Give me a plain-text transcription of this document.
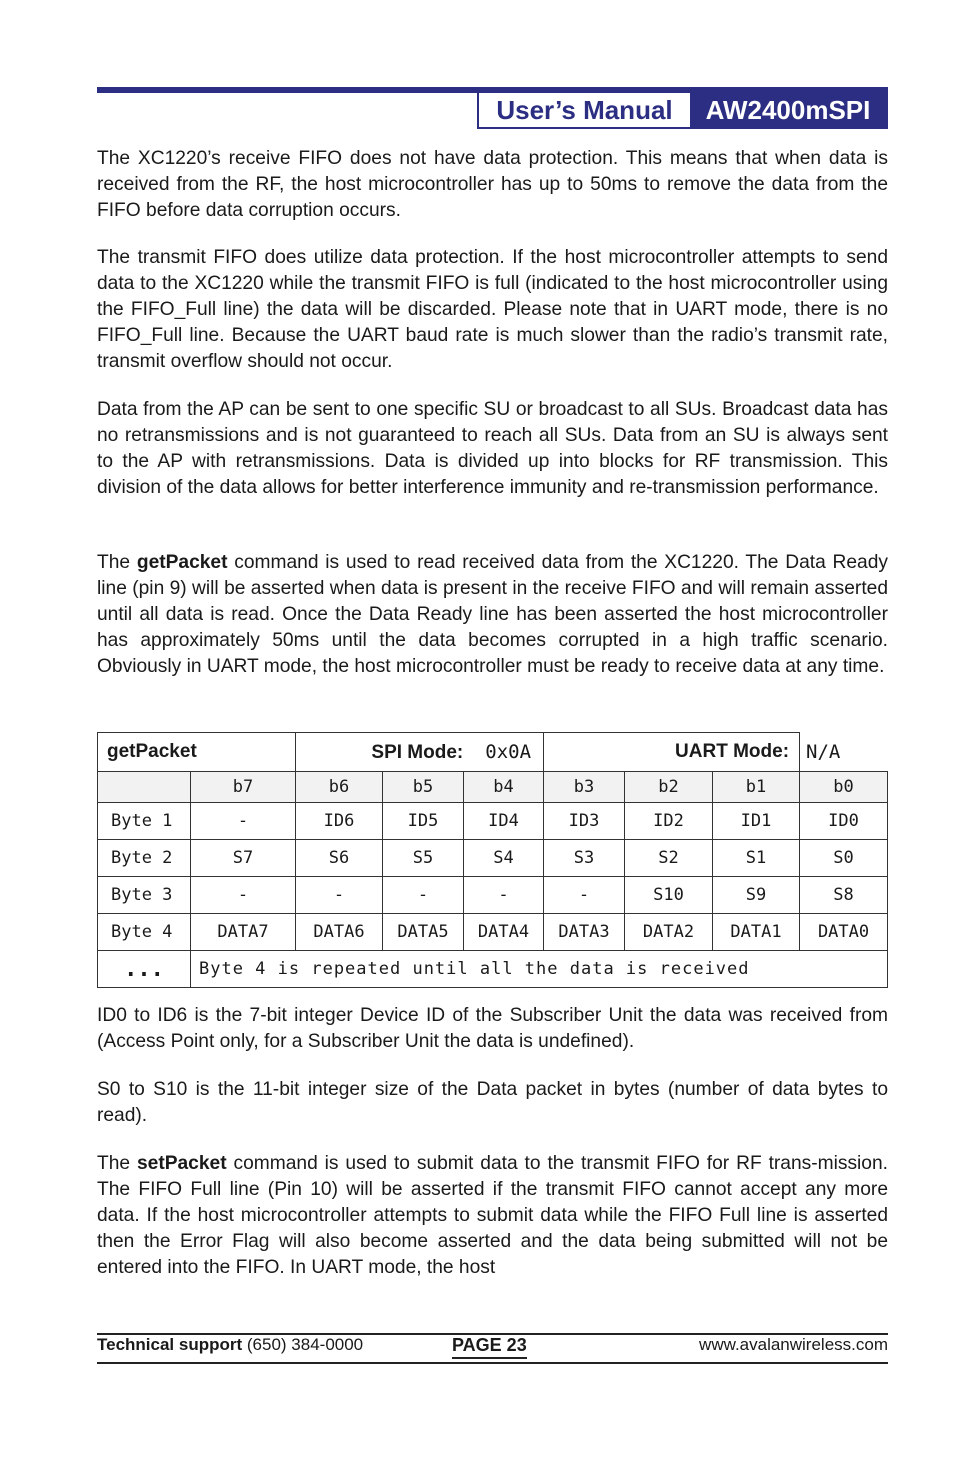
User’s Manual	AW2400mSPI

The XC1220’s receive FIFO does not have data protection. This means that when data is received from the RF, the host microcontroller has up to 50ms to remove the data from the FIFO before data corruption occurs.

The transmit FIFO does utilize data protection. If the host microcontroller attempts to send data to the XC1220 while the transmit FIFO is full (indicated to the host microcontroller using the FIFO_Full line) the data will be discarded. Please note that in UART mode, there is no FIFO_Full line. Because the UART baud rate is much slower than the radio’s transmit rate, transmit overflow should not occur.

Data from the AP can be sent to one specific SU or broadcast to all SUs. Broadcast data has no retransmissions and is not guaranteed to reach all SUs. Data from an SU is always sent to the AP with retransmissions. Data is divided up into blocks for RF transmission. This division of the data allows for better interference immunity and re-transmission performance.

The getPacket command is used to read received data from the XC1220. The Data Ready line (pin 9) will be asserted when data is present in the receive FIFO and will remain asserted until all data is read. Once the Data Ready line has been asserted the host microcontroller has approximately 50ms until the data becomes corrupted in a high traffic scenario. Obviously in UART mode, the host microcontroller must be ready to receive data at any time.

getPacket		SPI Mode: 0x0A			UART Mode:			N/A
	b7	b6	b5	b4	b3	b2	b1	b0
Byte 1	-	ID6	ID5	ID4	ID3	ID2	ID1	ID0
Byte 2	S7	S6	S5	S4	S3	S2	S1	S0
Byte 3	-	-	-	-	-	S10	S9	S8
Byte 4	DATA7	DATA6	DATA5	DATA4	DATA3	DATA2	DATA1	DATA0
...	Byte 4 is repeated until all the data is received							

ID0 to ID6 is the 7-bit integer Device ID of the Subscriber Unit the data was received from (Access Point only, for a Subscriber Unit the data is undefined).

S0 to S10 is the 11-bit integer size of the Data packet in bytes (number of data bytes to read).

The setPacket command is used to submit data to the transmit FIFO for RF trans-mission. The FIFO Full line (Pin 10) will be asserted if the transmit FIFO cannot accept any more data. If the host microcontroller attempts to submit data while the FIFO Full line is asserted then the Error Flag will also become asserted and the data being submitted will not be entered into the FIFO. In UART mode, the host

Technical support (650) 384-0000	PAGE 23	www.avalanwireless.com
